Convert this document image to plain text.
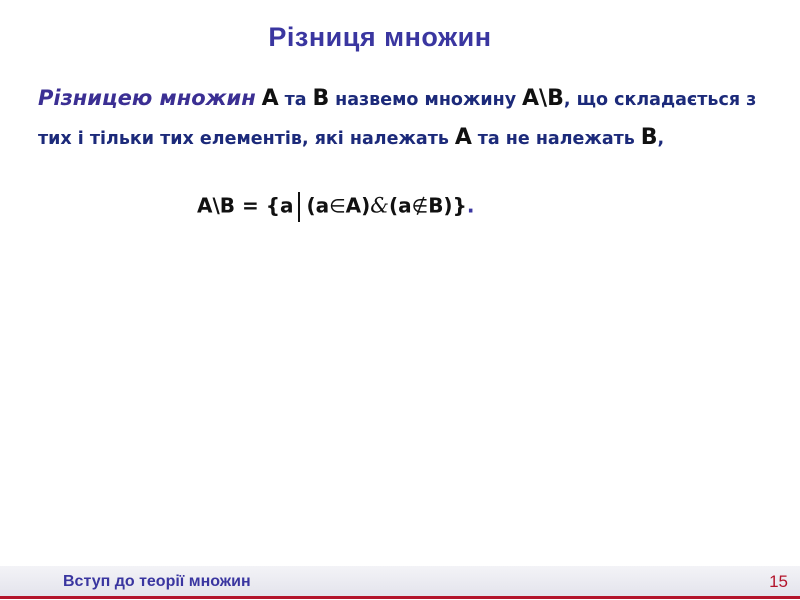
Різниця множин
Різницею множин А та В назвемо множину A\B, що складається з тих і тільки тих елементів, які належать А та не належать В,
A\B = {a (a∈A)&(a∉B)}.
Вступ до теорії множин	15
